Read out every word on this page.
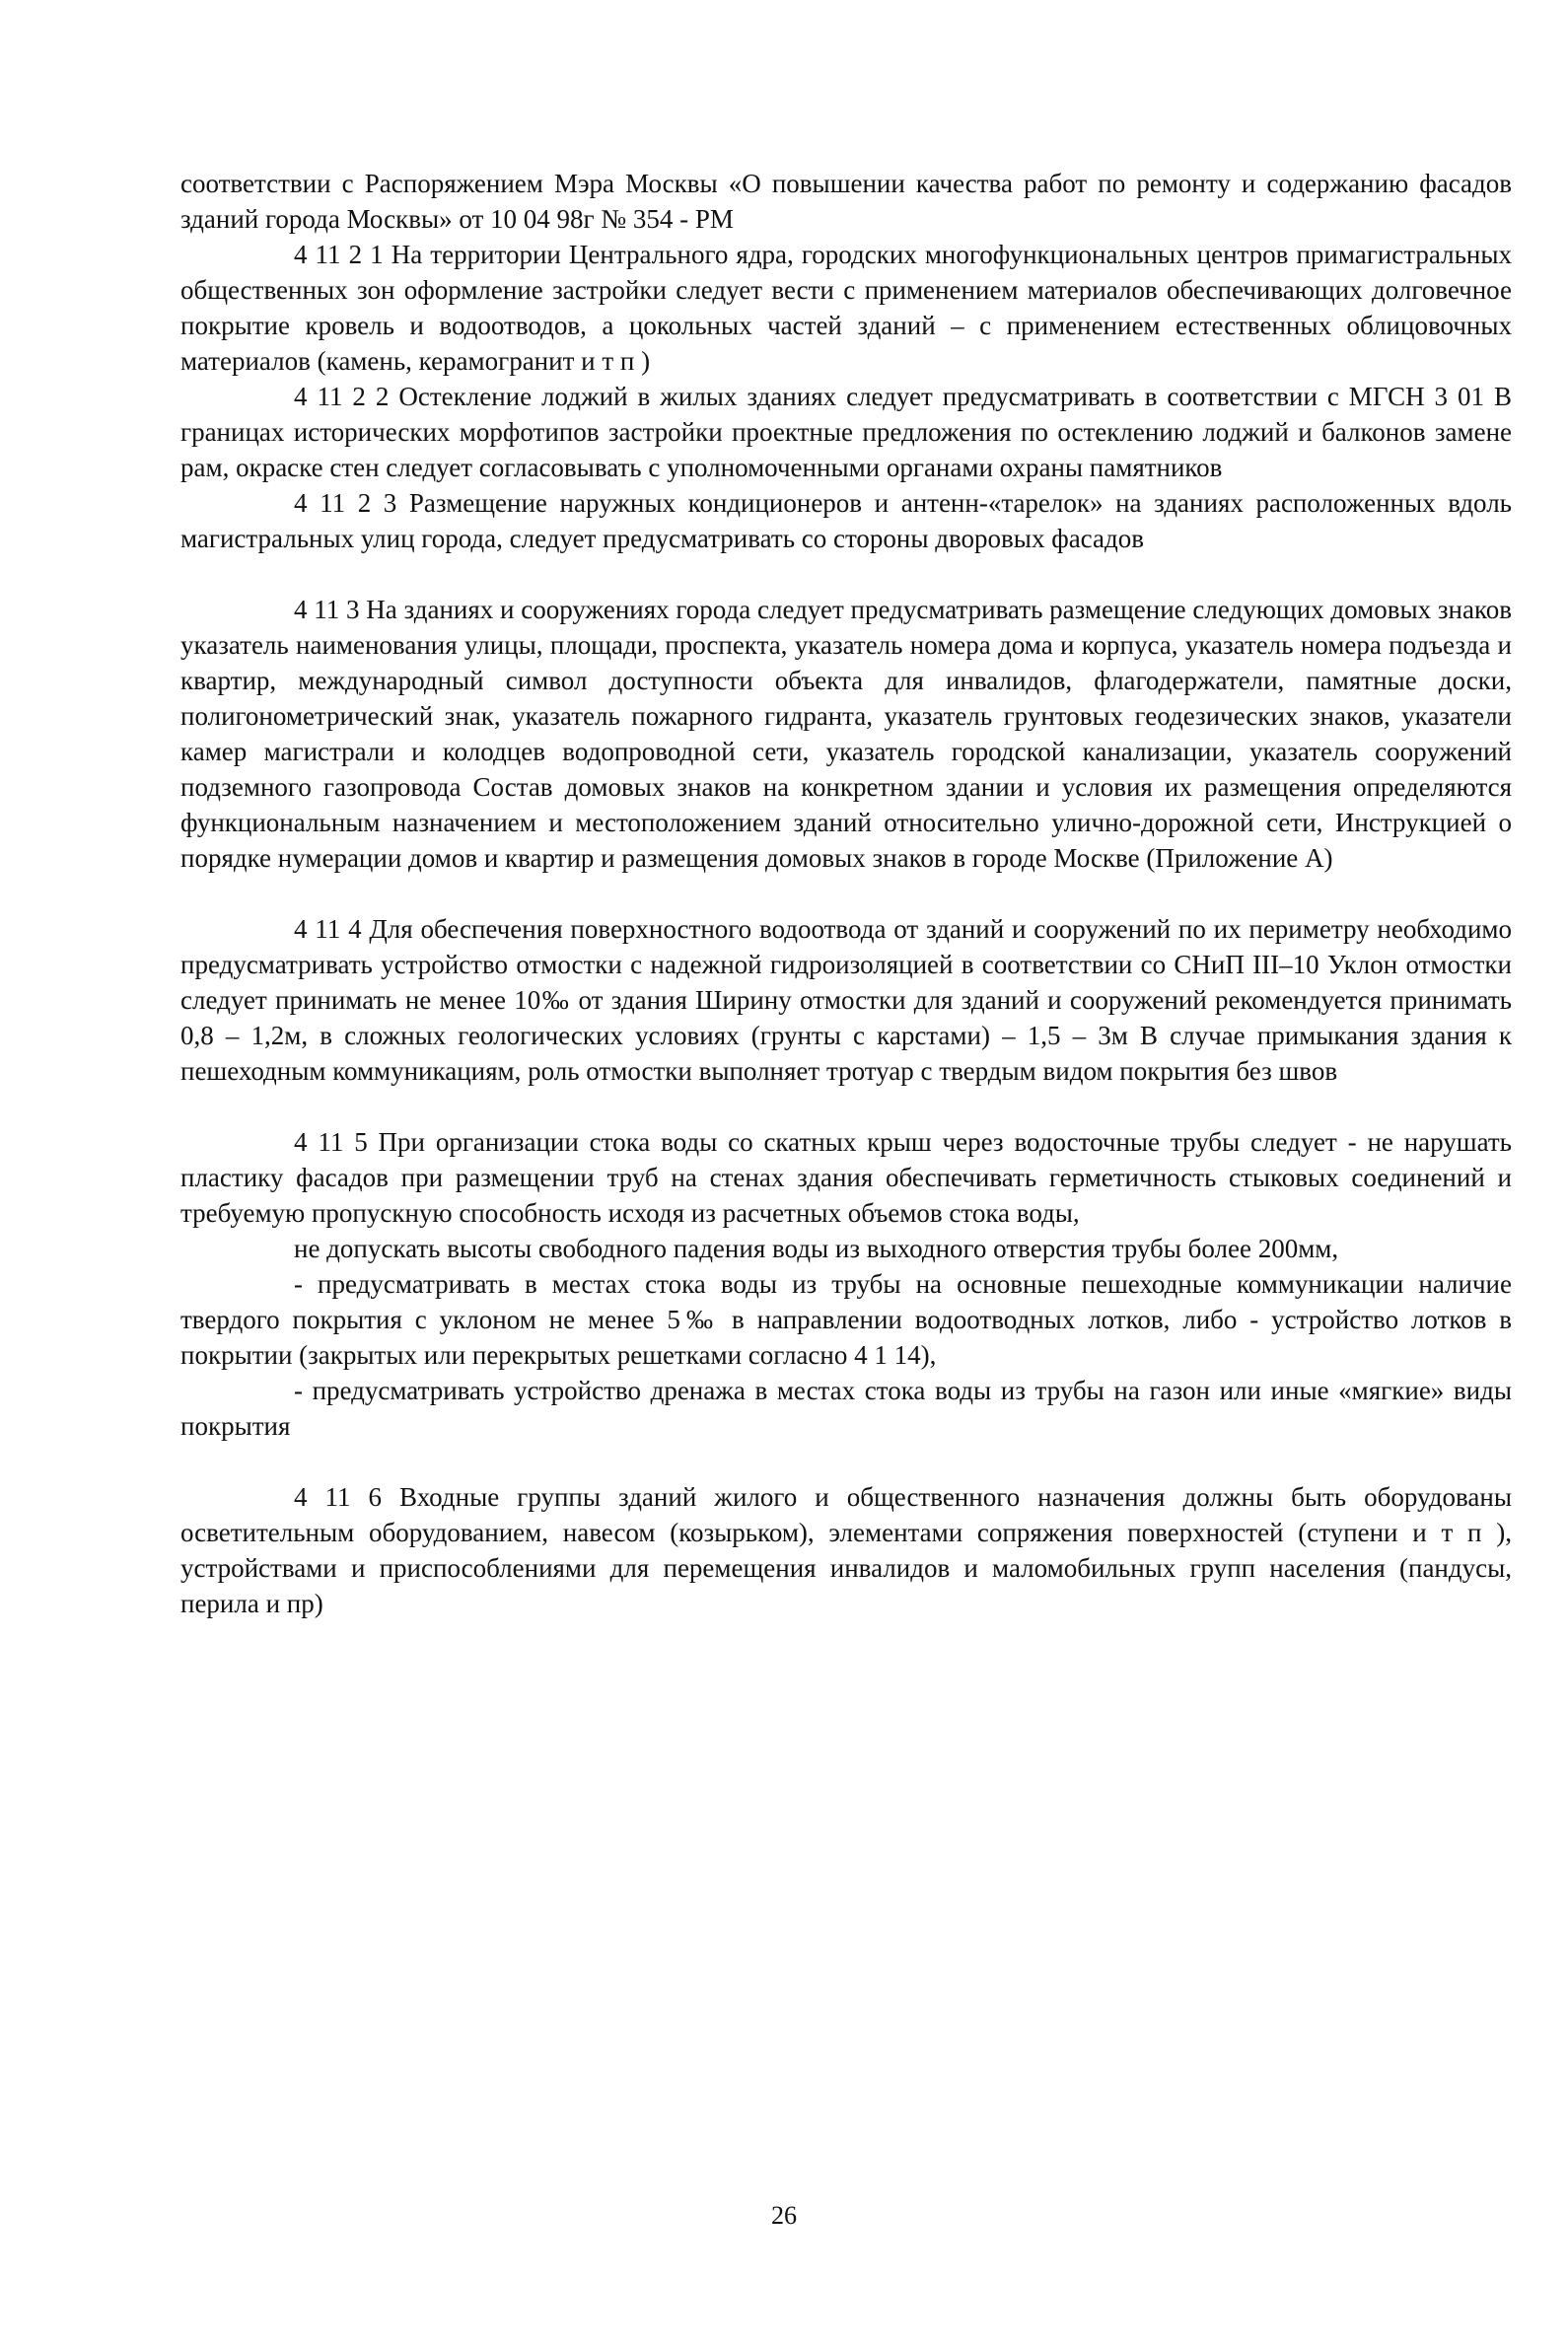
соответствии с Распоряжением Мэра Москвы «О повышении качества работ по ремонту и содержанию фасадов зданий города Москвы» от 10 04 98г № 354 - РМ

4 11 2 1 На территории Центрального ядра, городских многофункциональных центров примагистральных общественных зон оформление застройки следует вести с применением материалов обеспечивающих долговечное покрытие кровель и водоотводов, а цокольных частей зданий – с применением естественных облицовочных материалов (камень, керамогранит и т п )

4 11 2 2 Остекление лоджий в жилых зданиях следует предусматривать в соответствии с МГСН 3 01 В границах исторических морфотипов застройки проектные предложения по остеклению лоджий и балконов замене рам, окраске стен следует согласовывать с уполномоченными органами охраны памятников

4 11 2 3 Размещение наружных кондиционеров и антенн-«тарелок» на зданиях расположенных вдоль магистральных улиц города, следует предусматривать со стороны дворовых фасадов

4 11 3 На зданиях и сооружениях города следует предусматривать размещение следующих домовых знаков указатель наименования улицы, площади, проспекта, указатель номера дома и корпуса, указатель номера подъезда и квартир, международный символ доступности объекта для инвалидов, флагодержатели, памятные доски, полигонометрический знак, указатель пожарного гидранта, указатель грунтовых геодезических знаков, указатели камер магистрали и колодцев водопроводной сети, указатель городской канализации, указатель сооружений подземного газопровода Состав домовых знаков на конкретном здании и условия их размещения определяются функциональным назначением и местоположением зданий относительно улично-дорожной сети, Инструкцией о порядке нумерации домов и квартир и размещения домовых знаков в городе Москве (Приложение А)

4 11 4 Для обеспечения поверхностного водоотвода от зданий и сооружений по их периметру необходимо предусматривать устройство отмостки с надежной гидроизоляцией в соответствии со СНиП III–10 Уклон отмостки следует принимать не менее 10‰ от здания Ширину отмостки для зданий и сооружений рекомендуется принимать 0,8 – 1,2м, в сложных геологических условиях (грунты с карстами) – 1,5 – 3м В случае примыкания здания к пешеходным коммуникациям, роль отмостки выполняет тротуар с твердым видом покрытия без швов

4 11 5 При организации стока воды со скатных крыш через водосточные трубы следует - не нарушать пластику фасадов при размещении труб на стенах здания обеспечивать герметичность стыковых соединений и требуемую пропускную способность исходя из расчетных объемов стока воды,

не допускать высоты свободного падения воды из выходного отверстия трубы более 200мм,

- предусматривать в местах стока воды из трубы на основные пешеходные коммуникации наличие твердого покрытия с уклоном не менее 5‰ в направлении водоотводных лотков, либо - устройство лотков в покрытии (закрытых или перекрытых решетками согласно 4 1 14),

- предусматривать устройство дренажа в местах стока воды из трубы на газон или иные «мягкие» виды покрытия

4 11 6 Входные группы зданий жилого и общественного назначения должны быть оборудованы осветительным оборудованием, навесом (козырьком), элементами сопряжения поверхностей (ступени и т п ), устройствами и приспособлениями для перемещения инвалидов и маломобильных групп населения (пандусы, перила и пр)

26
